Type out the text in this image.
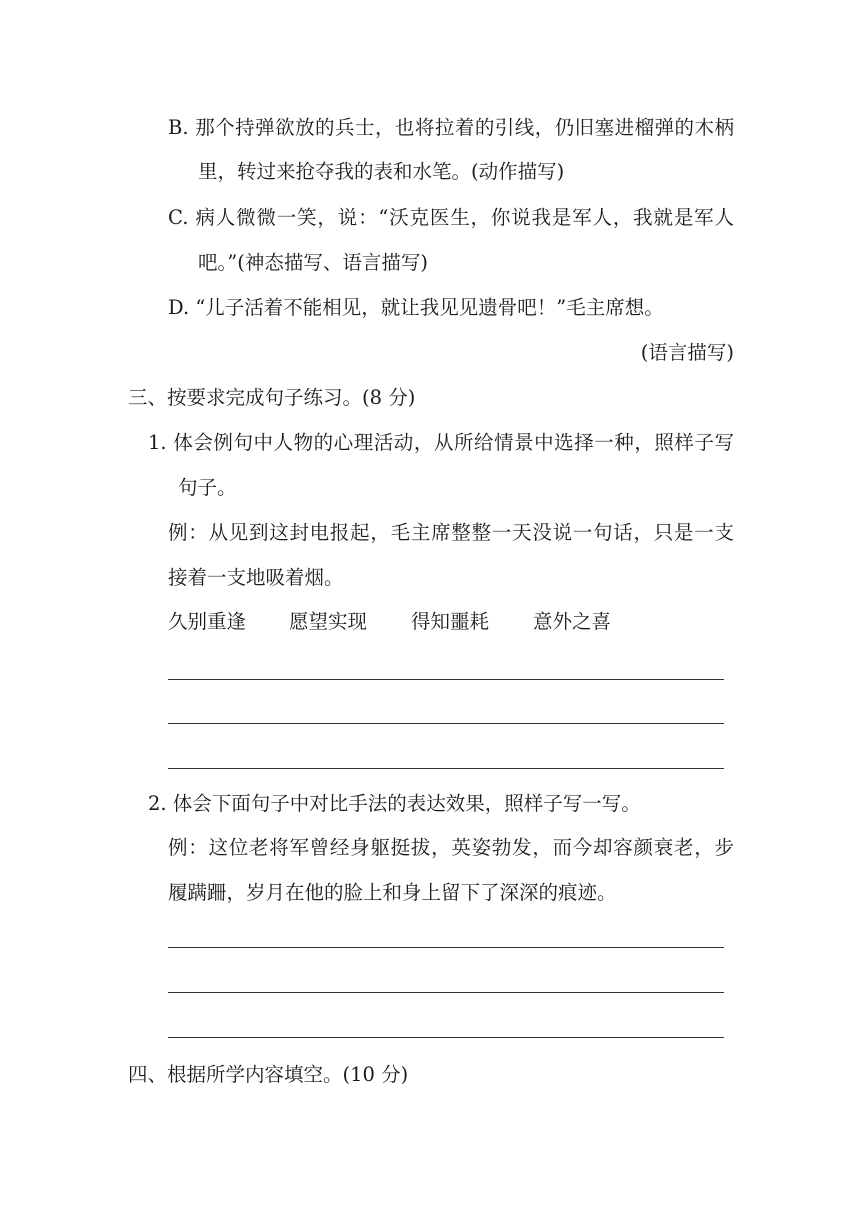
B. 那个持弹欲放的兵士，也将拉着的引线，仍旧塞进榴弹的木柄
里，转过来抢夺我的表和水笔。(动作描写)
C. 病人微微一笑，说：“沃克医生，你说我是军人，我就是军人
吧。”(神态描写、语言描写)
D. “儿子活着不能相见，就让我见见遗骨吧！”毛主席想。
(语言描写)
三、按要求完成句子练习。(8 分)
1. 体会例句中人物的心理活动，从所给情景中选择一种，照样子写
句子。
例：从见到这封电报起，毛主席整整一天没说一句话，只是一支
接着一支地吸着烟。
久别重逢 愿望实现 得知噩耗 意外之喜
2. 体会下面句子中对比手法的表达效果，照样子写一写。
例：这位老将军曾经身躯挺拔，英姿勃发，而今却容颜衰老，步
履蹒跚，岁月在他的脸上和身上留下了深深的痕迹。
四、根据所学内容填空。(10 分)
